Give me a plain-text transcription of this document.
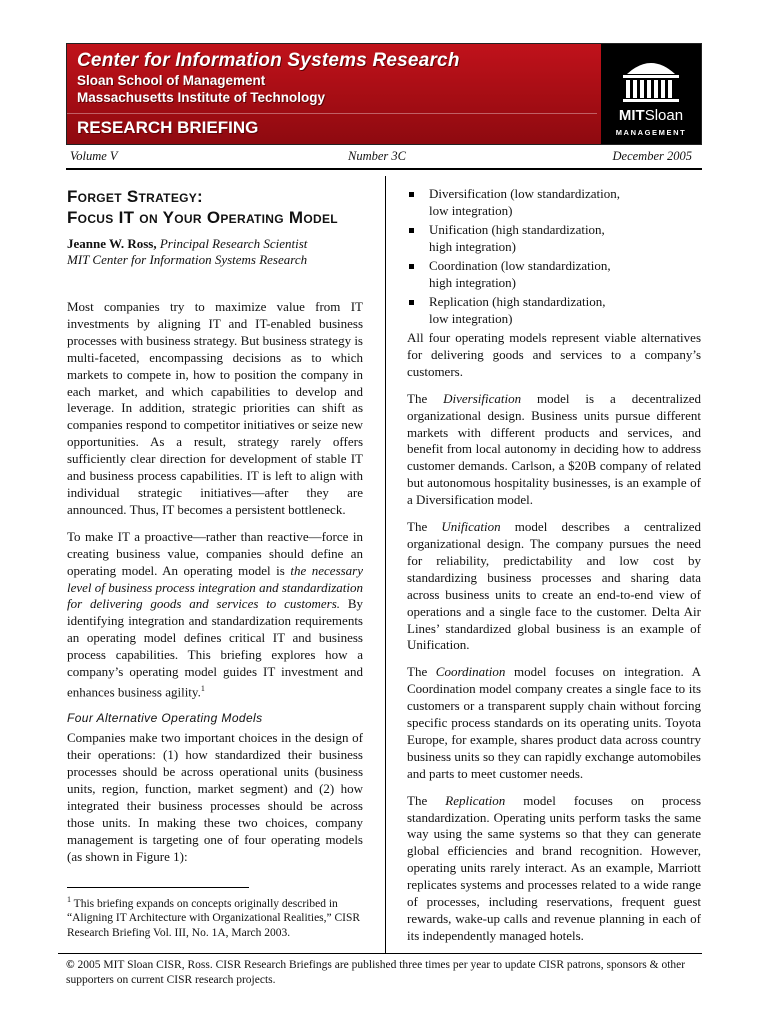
Center for Information Systems Research
Sloan School of Management
Massachusetts Institute of Technology
RESEARCH BRIEFING
MITSloan
MANAGEMENT
Volume V	Number 3C	December 2005
Forget Strategy:
Focus IT on Your Operating Model
Jeanne W. Ross, Principal Research Scientist
MIT Center for Information Systems Research

Most companies try to maximize value from IT investments by aligning IT and IT-enabled business processes with business strategy. But business strategy is multi-faceted, encompassing decisions as to which markets to compete in, how to position the company in each market, and which capabilities to develop and leverage. In addition, strategic priorities can shift as companies respond to competitor initiatives or seize new opportunities. As a result, strategy rarely offers sufficiently clear direction for development of stable IT and business process capabilities. IT is left to align with individual strategic initiatives—after they are announced. Thus, IT becomes a persistent bottleneck.

To make IT a proactive—rather than reactive—force in creating business value, companies should define an operating model. An operating model is the necessary level of business process integration and standardization for delivering goods and services to customers. By identifying integration and standardization requirements an operating model defines critical IT and business process capabilities. This briefing explores how a company’s operating model guides IT investment and enhances business agility.$^1$

Four Alternative Operating Models

Companies make two important choices in the design of their operations: (1) how standardized their business processes should be across operational units (business units, region, function, market segment) and (2) how integrated their business processes should be across those units. In making these two choices, company management is targeting one of four operating models (as shown in Figure 1):

$^1$ This briefing expands on concepts originally described in “Aligning IT Architecture with Organizational Realities,” CISR Research Briefing Vol. III, No. 1A, March 2003.
Diversification (low standardization,
low integration)
Unification (high standardization,
high integration)
Coordination (low standardization,
high integration)
Replication (high standardization,
low integration)

All four operating models represent viable alternatives for delivering goods and services to a company’s customers.

The Diversification model is a decentralized organizational design. Business units pursue different markets with different products and services, and benefit from local autonomy in deciding how to address customer demands. Carlson, a $20B company of related but autonomous hospitality businesses, is an example of a Diversification model.

The Unification model describes a centralized organizational design. The company pursues the need for reliability, predictability and low cost by standardizing business processes and sharing data across business units to create an end-to-end view of operations and a single face to the customer. Delta Air Lines’ standardized global business is an example of Unification.

The Coordination model focuses on integration. A Coordination model company creates a single face to its customers or a transparent supply chain without forcing specific process standards on its operating units. Toyota Europe, for example, shares product data across country business units so they can rapidly exchange automobiles and parts to meet customer needs.

The Replication model focuses on process standardization. Operating units perform tasks the same way using the same systems so that they can generate global efficiencies and brand recognition. However, operating units rarely interact. As an example, Marriott replicates systems and processes related to a wide range of processes, including reservations, frequent guest rewards, wake-up calls and revenue planning in each of its independently managed hotels.

© 2005 MIT Sloan CISR, Ross. CISR Research Briefings are published three times per year to update CISR patrons, sponsors & other supporters on current CISR research projects.
